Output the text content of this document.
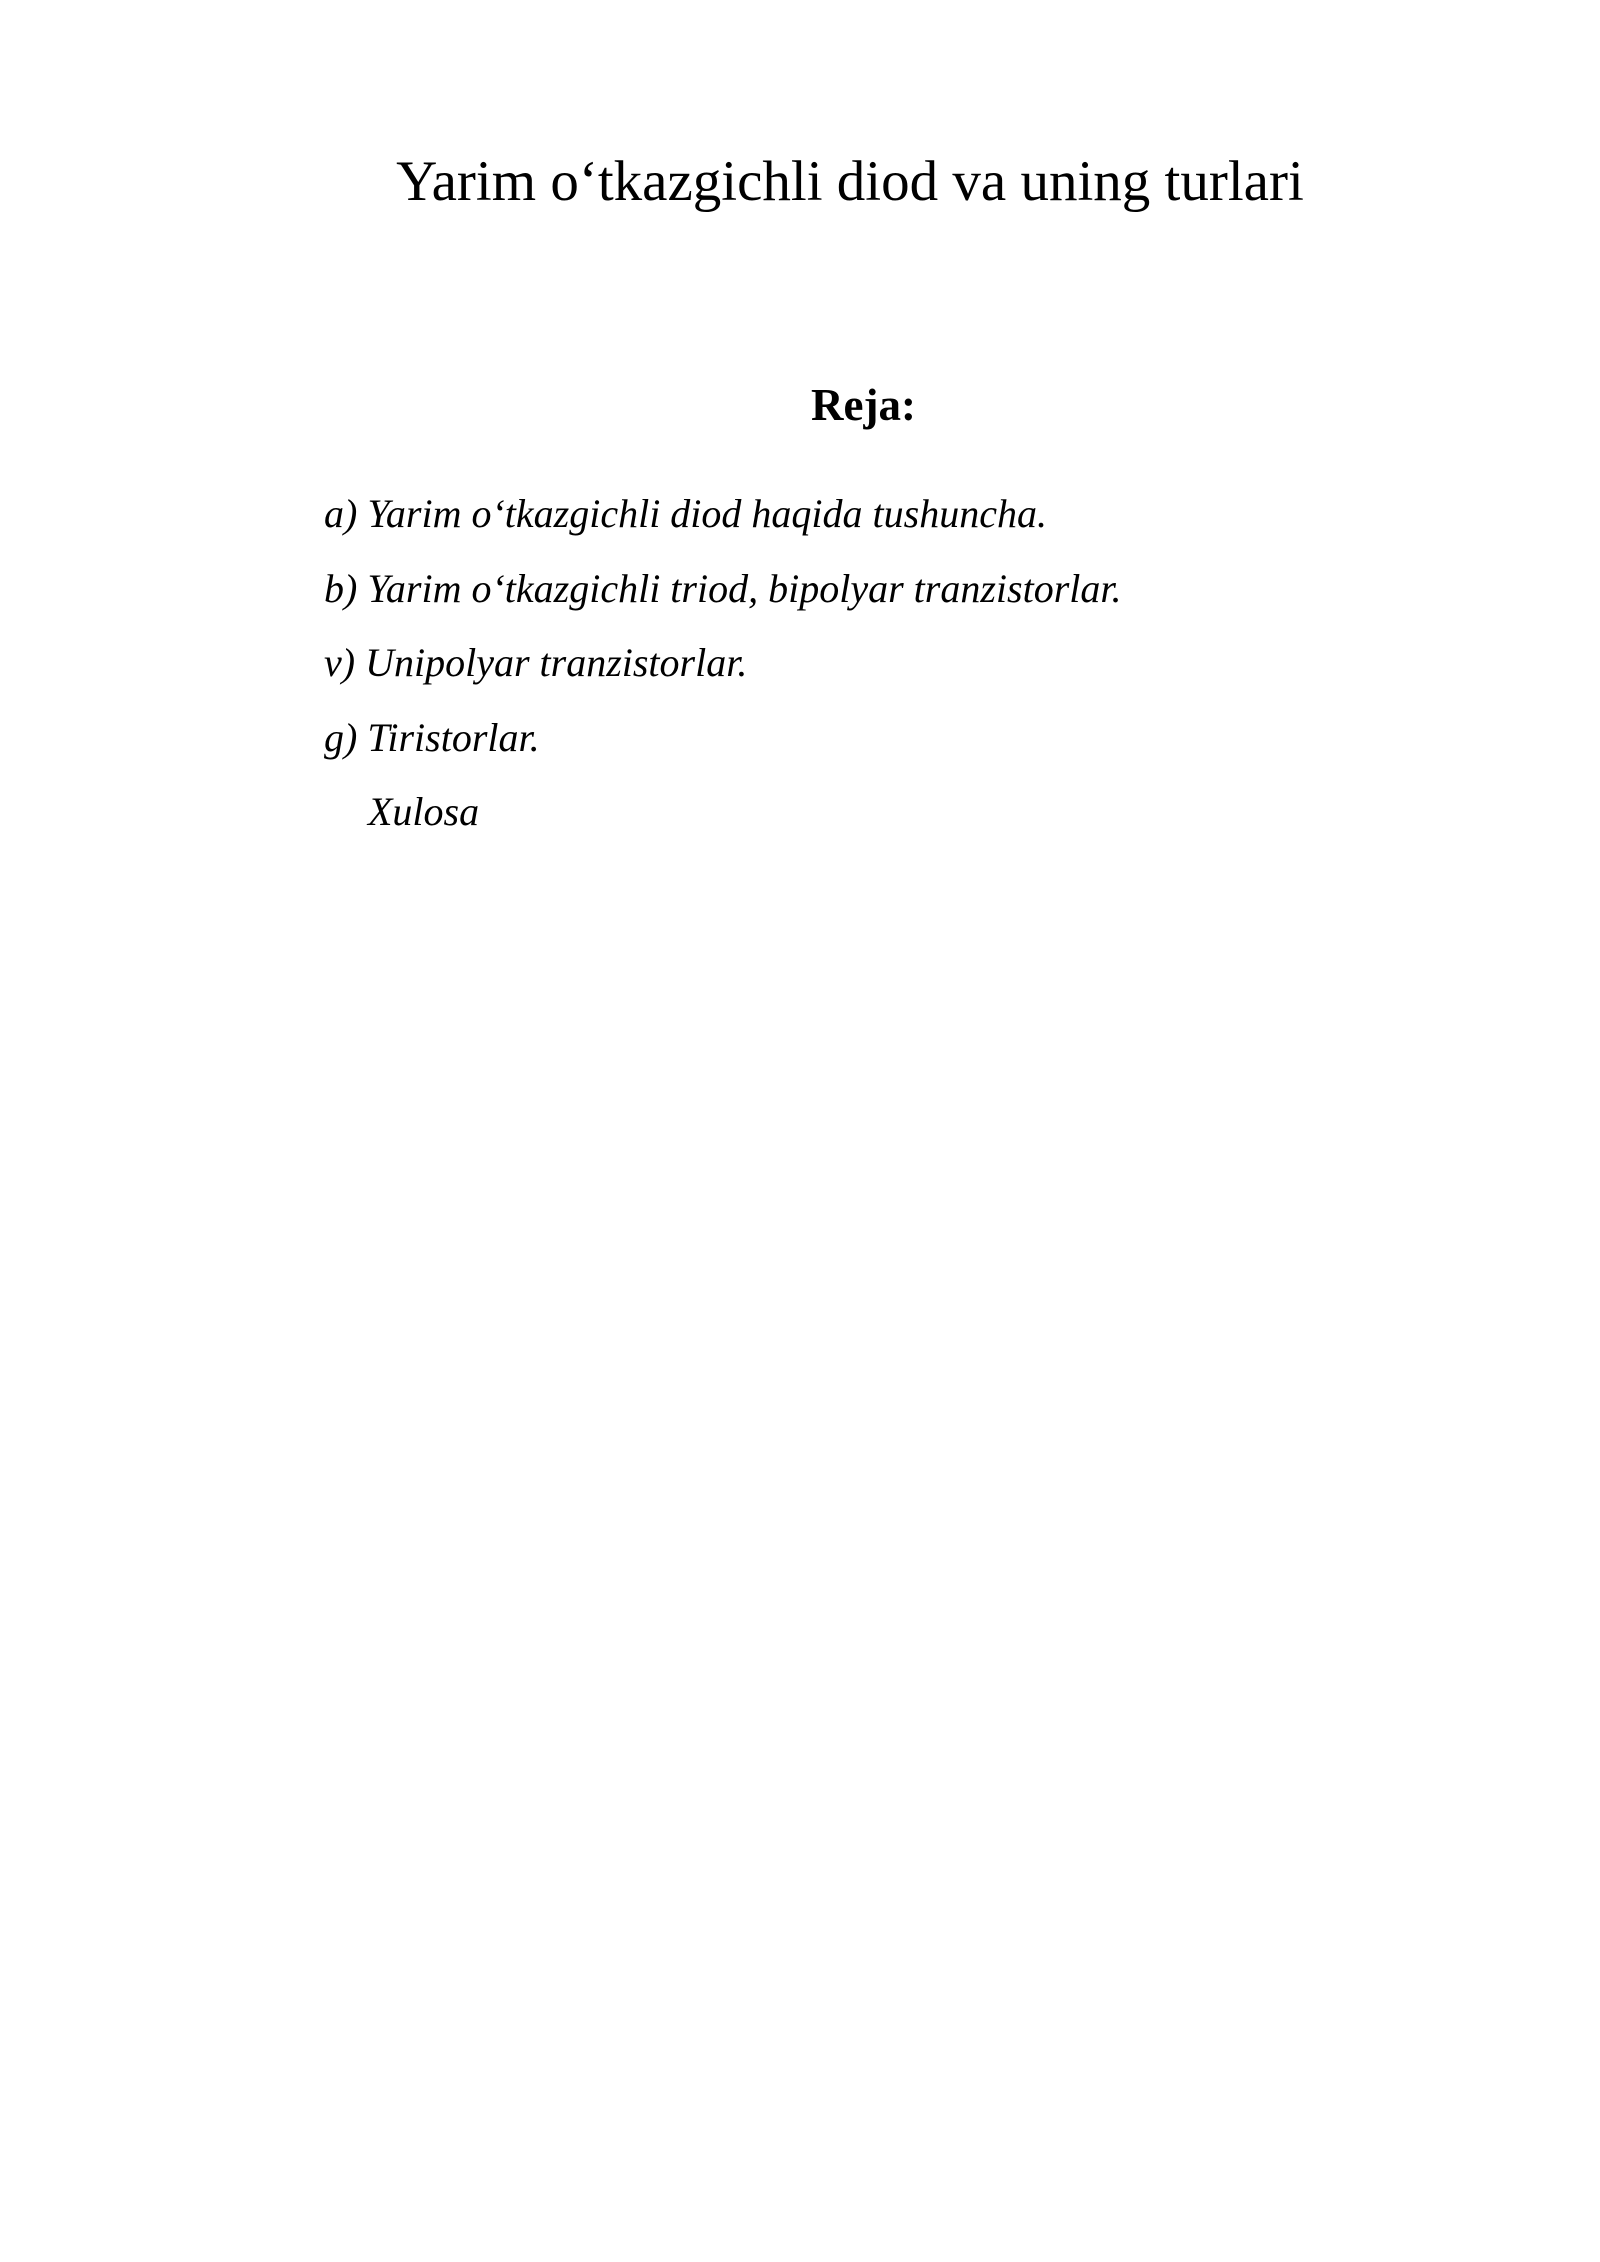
Yarim o‘tkazgichli diod va uning turlari
Reja:
a) Yarim o‘tkazgichli diod haqida tushuncha.
b) Yarim o‘tkazgichli triod, bipolyar tranzistorlar.
v) Unipolyar tranzistorlar.
g) Tiristorlar.
Xulosa
